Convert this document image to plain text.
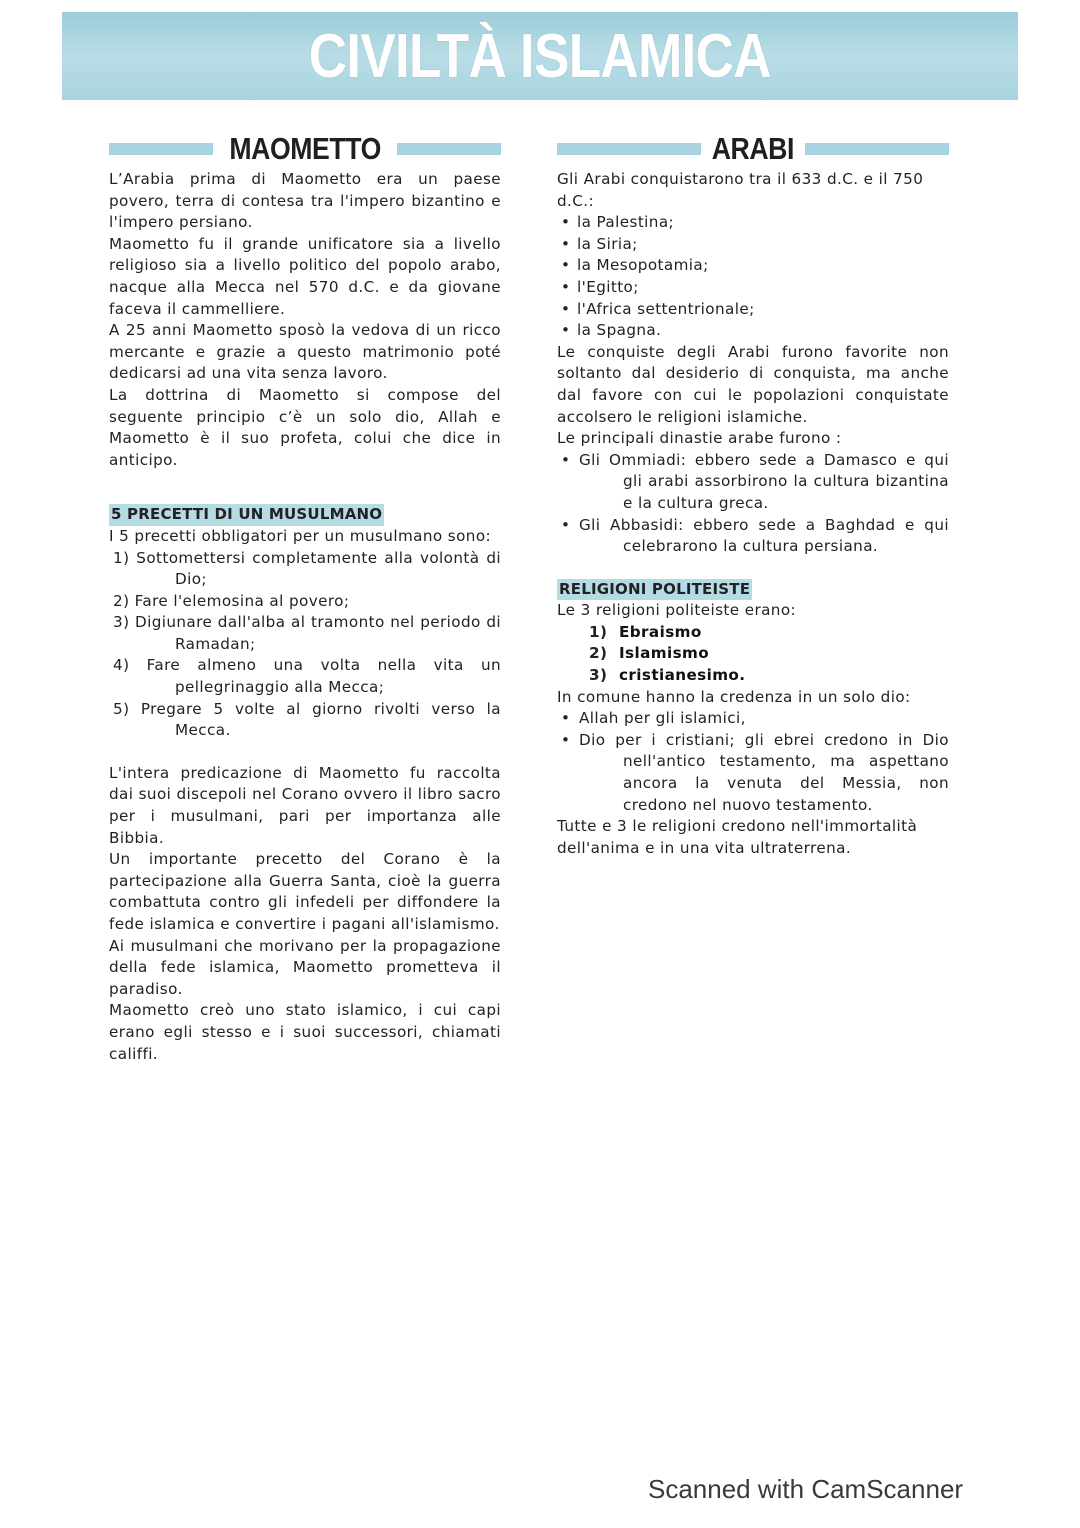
CIVILTÀ ISLAMICA
MAOMETTO

L’Arabia prima di Maometto era un paese povero, terra di contesa tra l'impero bizantino e l'impero persiano.

Maometto fu il grande unificatore sia a livello religioso sia a livello politico del popolo arabo, nacque alla Mecca nel 570 d.C. e da giovane faceva il cammelliere.

A 25 anni Maometto sposò la vedova di un ricco mercante e grazie a questo matrimonio poté dedicarsi ad una vita senza lavoro.

La dottrina di Maometto si compose del seguente principio c’è un solo dio, Allah e Maometto è il suo profeta, colui che dice in anticipo.

5 PRECETTI DI UN MUSULMANO

I 5 precetti obbligatori per un musulmano sono:

1) Sottomettersi completamente alla volontà di Dio;
2) Fare l'elemosina al povero;
3) Digiunare dall'alba al tramonto nel periodo di Ramadan;
4) Fare almeno una volta nella vita un pellegrinaggio alla Mecca;
5) Pregare 5 volte al giorno rivolti verso la Mecca.

L'intera predicazione di Maometto fu raccolta dai suoi discepoli nel Corano ovvero il libro sacro per i musulmani, pari per importanza alle Bibbia.

Un importante precetto del Corano è la partecipazione alla Guerra Santa, cioè la guerra combattuta contro gli infedeli per diffondere la fede islamica e convertire i pagani all'islamismo.

Ai musulmani che morivano per la propagazione della fede islamica, Maometto prometteva il paradiso.

Maometto creò uno stato islamico, i cui capi erano egli stesso e i suoi successori, chiamati califfi.

ARABI

Gli Arabi conquistarono tra il 633 d.C. e il 750 d.C.:

• la Palestina;
• la Siria;
• la Mesopotamia;
• l'Egitto;
• l'Africa settentrionale;
• la Spagna.

Le conquiste degli Arabi furono favorite non soltanto dal desiderio di conquista, ma anche dal favore con cui le popolazioni conquistate accolsero le religioni islamiche.

Le principali dinastie arabe furono :

• Gli Ommiadi: ebbero sede a Damasco e qui gli arabi assorbirono la cultura bizantina e la cultura greca.
• Gli Abbasidi: ebbero sede a Baghdad e qui celebrarono la cultura persiana.
RELIGIONI POLITEISTE

Le 3 religioni politeiste erano:

1) Ebraismo
2) Islamismo
3) cristianesimo.

In comune hanno la credenza in un solo dio:

• Allah per gli islamici,
• Dio per i cristiani; gli ebrei credono in Dio nell'antico testamento, ma aspettano ancora la venuta del Messia, non credono nel nuovo testamento.

Tutte e 3 le religioni credono nell'immortalità dell'anima e in una vita ultraterrena.

Scanned with CamScanner
